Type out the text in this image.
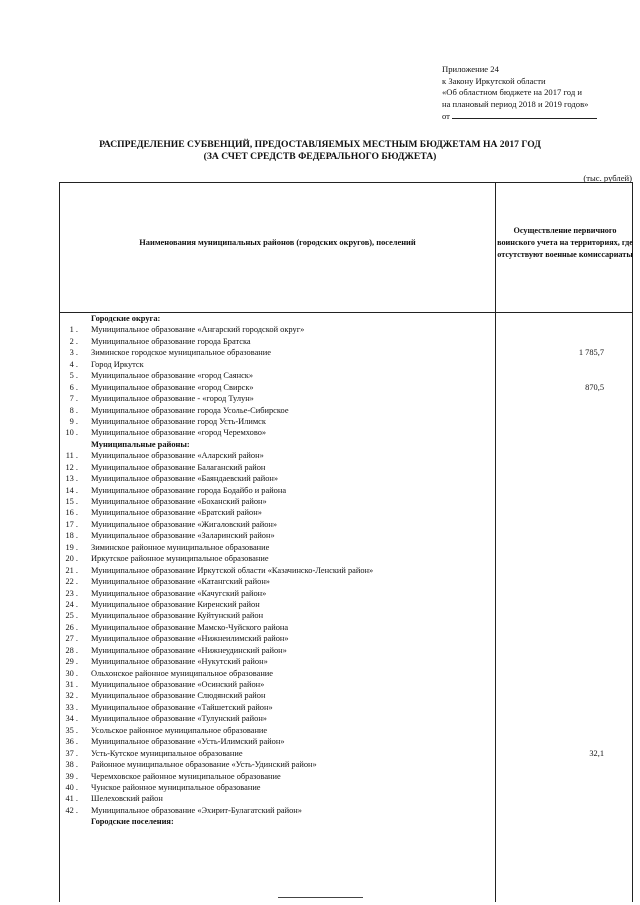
Приложение 24
к Закону Иркутской области
«Об областном бюджете на 2017 год и
на плановый период 2018 и 2019 годов»
от
РАСПРЕДЕЛЕНИЕ СУБВЕНЦИЙ, ПРЕДОСТАВЛЯЕМЫХ МЕСТНЫМ БЮДЖЕТАМ НА 2017 ГОД
(ЗА СЧЕТ СРЕДСТВ ФЕДЕРАЛЬНОГО БЮДЖЕТА)
(тыс. рублей)
Наименования муниципальных районов (городских округов), поселений
Осуществление первичного воинского учета на территориях, где отсутствуют военные комиссариаты
Городские округа:
1 . Муниципальное образование «Ангарский городской округ»
2 . Муниципальное образование города Братска
3 . Зиминское городское муниципальное образование	1 785,7
4 . Город Иркутск
5 . Муниципальное образование «город Саянск»
6 . Муниципальное образование «город Свирск»	870,5
7 . Муниципальное образование - «город Тулун»
8 . Муниципальное образование города Усолье-Сибирское
9 . Муниципальное образование город Усть-Илимск
10 . Муниципальное образование «город Черемхово»
Муниципальные районы:
11 . Муниципальное образование «Аларский район»
12 . Муниципальное образование Балаганский район
13 . Муниципальное образование «Баяндаевский район»
14 . Муниципальное образование города Бодайбо и района
15 . Муниципальное образование «Боханский район»
16 . Муниципальное образование «Братский район»
17 . Муниципальное образование «Жигаловский район»
18 . Муниципальное образование «Заларинский район»
19 . Зиминское районное муниципальное образование
20 . Иркутское районное муниципальное образование
21 . Муниципальное образование Иркутской области «Казачинско-Ленский район»
22 . Муниципальное образование «Катангский район»
23 . Муниципальное образование «Качугский район»
24 . Муниципальное образование Киренский район
25 . Муниципальное образование Куйтунский район
26 . Муниципальное образование Мамско-Чуйского района
27 . Муниципальное образование «Нижнеилимский район»
28 . Муниципальное образование «Нижнеудинский район»
29 . Муниципальное образование «Нукутский район»
30 . Ольхонское районное муниципальное образование
31 . Муниципальное образование «Осинский район»
32 . Муниципальное образование Слюдянский район
33 . Муниципальное образование «Тайшетский район»
34 . Муниципальное образование «Тулунский район»
35 . Усольское районное муниципальное образование
36 . Муниципальное образование «Усть-Илимский район»
37 . Усть-Кутское муниципальное образование	32,1
38 . Районное муниципальное образование «Усть-Удинский район»
39 . Черемховское районное муниципальное образование
40 . Чунское районное муниципальное образование
41 . Шелеховский район
42 . Муниципальное образование «Эхирит-Булагатский район»
Городские поселения:
